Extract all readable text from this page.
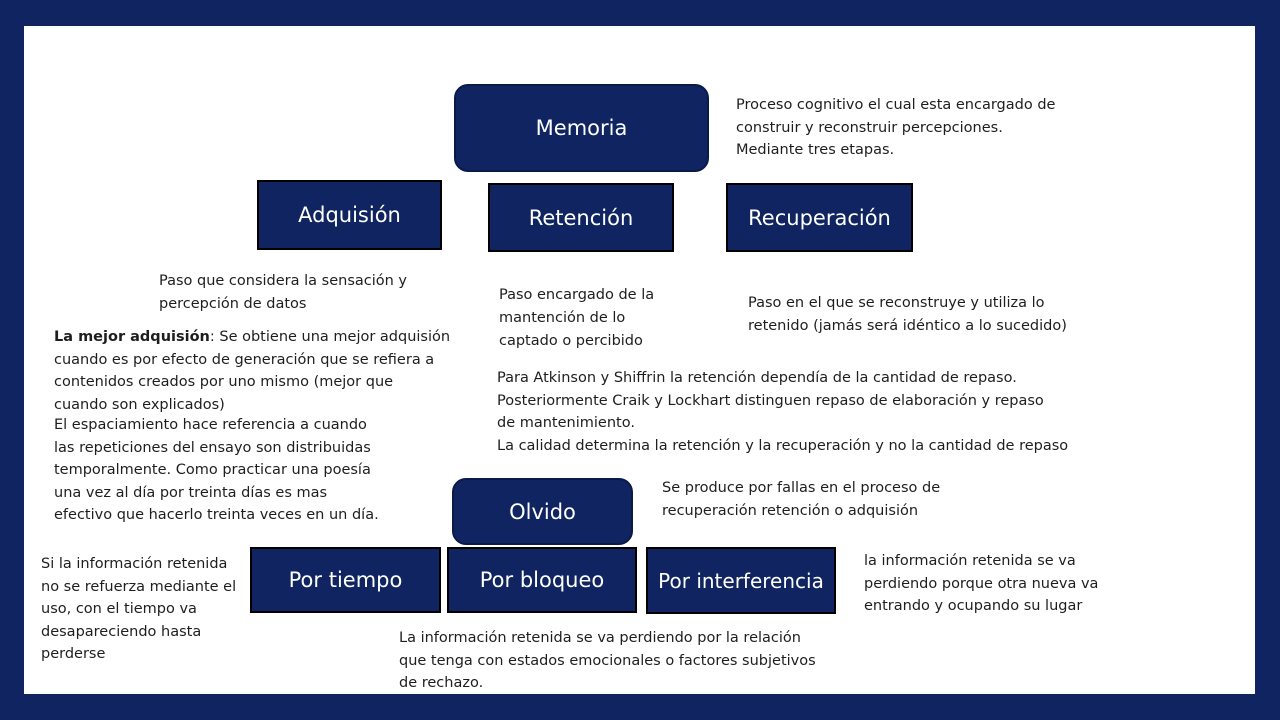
Memoria
Adquisión	Retención	Recuperación
Olvido
Por tiempo	Por bloqueo	Por interferencia
Proceso cognitivo el cual esta encargado de
construir y reconstruir percepciones.
Mediante tres etapas.
Paso que considera la sensación y
percepción de datos
La mejor adquisión: Se obtiene una mejor adquisión
cuando es por efecto de generación que se refiera a
contenidos creados por uno mismo (mejor que
cuando son explicados)
El espaciamiento hace referencia a cuando
las repeticiones del ensayo son distribuidas
temporalmente. Como practicar una poesía
una vez al día por treinta días es mas
efectivo que hacerlo treinta veces en un día.
Paso encargado de la
mantención de lo
captado o percibido
Paso en el que se reconstruye y utiliza lo
retenido (jamás será idéntico a lo sucedido)
Para Atkinson y Shiffrin la retención dependía de la cantidad de repaso.
Posteriormente Craik y Lockhart distinguen repaso de elaboración y repaso
de mantenimiento.
La calidad determina la retención y la recuperación y no la cantidad de repaso
Se produce por fallas en el proceso de
recuperación retención o adquisión
Si la información retenida
no se refuerza mediante el
uso, con el tiempo va
desapareciendo hasta
perderse
La información retenida se va perdiendo por la relación
que tenga con estados emocionales o factores subjetivos
de rechazo.
la información retenida se va
perdiendo porque otra nueva va
entrando y ocupando su lugar
